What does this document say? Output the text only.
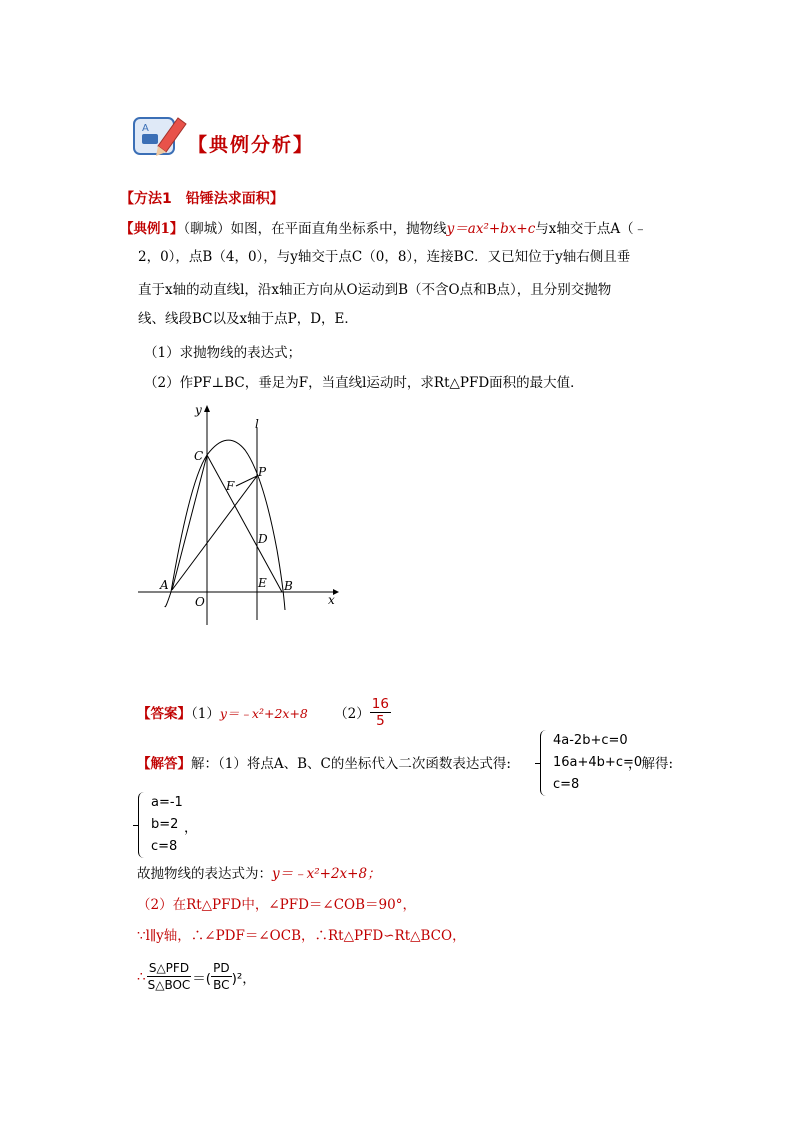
A
【典例分析】
【方法1　铅锤法求面积】
【典例1】（聊城）如图，在平面直角坐标系中，抛物线y＝ax²+bx+c与x轴交于点A（﹣
2，0），点B（4，0），与y轴交于点C（0，8），连接BC．又已知位于y轴右侧且垂
直于x轴的动直线l，沿x轴正方向从O运动到B（不含O点和B点），且分别交抛物
线、线段BC以及x轴于点P，D，E．
（1）求抛物线的表达式；
（2）作PF⊥BC，垂足为F，当直线l运动时，求Rt△PFD面积的最大值．
y
l
C
P
F
D
A	E B
O	x
【答案】（1）y＝﹣x²+2x+8 $(2) \frac{16}{5}$
【解答】解：（1）将点A、B、C的坐标代入二次函数表达式得:
4a-2b+c=0
16a+4b+c=0
c=8
，解得:
a=-1
b=2
c=8
，
故抛物线的表达式为：y＝﹣x²+2x+8；
（2）在Rt△PFD中，∠PFD＝∠COB＝90°，
∵l∥y轴，∴∠PDF＝∠OCB，∴Rt△PFD∽Rt△BCO，
∴ $\frac{\text{S△PFD}}{\text{S△BOC}}$ ＝( $\frac{PD}{BC} )^2$，
